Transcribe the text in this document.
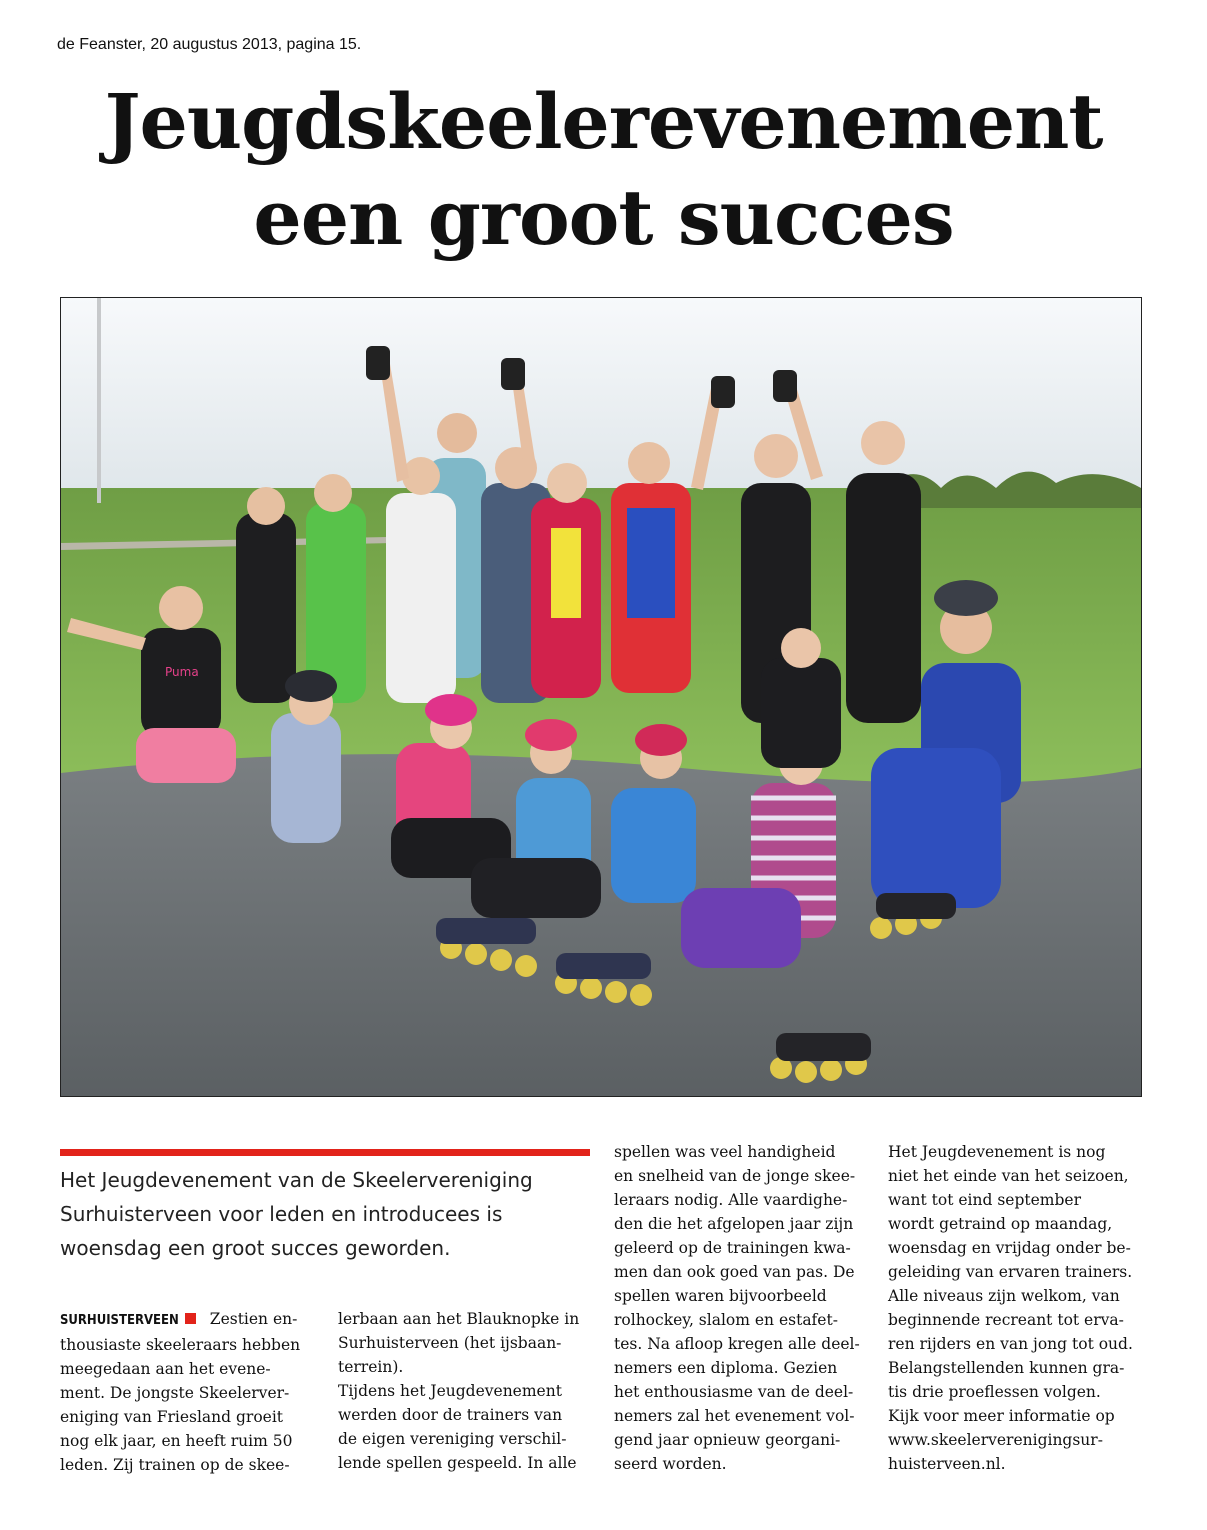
de Feanster, 20 augustus 2013, pagina 15.
Jeugdskeelerevenement
een groot succes
Puma

Het Jeugdevenement van de Skeelervereniging

Surhuisterveen voor leden en introducees is

woensdag een groot succes geworden.

SURHUISTERVEEN Zestien en-

thousiaste skeeleraars hebben

meegedaan aan het evene-

ment. De jongste Skeelerver-

eniging van Friesland groeit

nog elk jaar, en heeft ruim 50

leden. Zij trainen op de skee-

lerbaan aan het Blauknopke in

Surhuisterveen (het ijsbaan-

terrein).

Tijdens het Jeugdevenement

werden door de trainers van

de eigen vereniging verschil-

lende spellen gespeeld. In alle

spellen was veel handigheid

en snelheid van de jonge skee-

leraars nodig. Alle vaardighe-

den die het afgelopen jaar zijn

geleerd op de trainingen kwa-

men dan ook goed van pas. De

spellen waren bijvoorbeeld

rolhockey, slalom en estafet-

tes. Na afloop kregen alle deel-

nemers een diploma. Gezien

het enthousiasme van de deel-

nemers zal het evenement vol-

gend jaar opnieuw georgani-

seerd worden.

Het Jeugdevenement is nog

niet het einde van het seizoen,

want tot eind september

wordt getraind op maandag,

woensdag en vrijdag onder be-

geleiding van ervaren trainers.

Alle niveaus zijn welkom, van

beginnende recreant tot erva-

ren rijders en van jong tot oud.

Belangstellenden kunnen gra-

tis drie proeflessen volgen.

Kijk voor meer informatie op

www.skeelerverenigingsur-

huisterveen.nl.
